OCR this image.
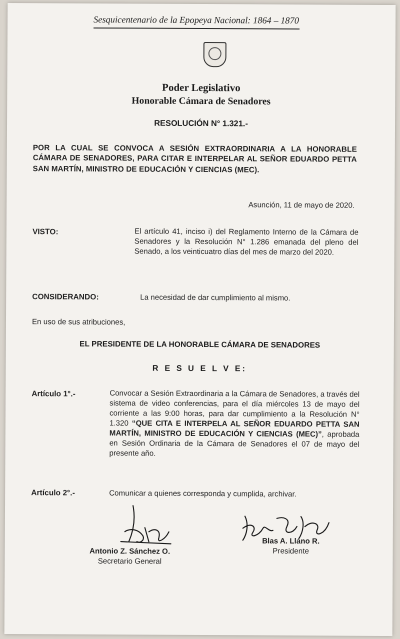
Sesquicentenario de la Epopeya Nacional: 1864 – 1870
Poder Legislativo
Honorable Cámara de Senadores
RESOLUCIÓN N° 1.321.-
POR LA CUAL SE CONVOCA A SESIÓN EXTRAORDINARIA A LA HONORABLE CÁMARA DE SENADORES, PARA CITAR E INTERPELAR AL SEÑOR EDUARDO PETTA SAN MARTÍN, MINISTRO DE EDUCACIÓN Y CIENCIAS (MEC).
Asunción, 11 de mayo de 2020.
VISTO:	El artículo 41, inciso i) del Reglamento Interno de la Cámara de Senadores y la Resolución N° 1.286 emanada del pleno del Senado, a los veinticuatro días del mes de marzo del 2020.
CONSIDERANDO:	La necesidad de dar cumplimiento al mismo.
En uso de sus atribuciones,
EL PRESIDENTE DE LA HONORABLE CÁMARA DE SENADORES
R E S U E L V E:
Artículo 1°.-	Convocar a Sesión Extraordinaria a la Cámara de Senadores, a través del sistema de video conferencias, para el día miércoles 13 de mayo del corriente a las 9:00 horas, para dar cumplimiento a la Resolución N° 1.320 “QUE CITA E INTERPELA AL SEÑOR EDUARDO PETTA SAN MARTÍN, MINISTRO DE EDUCACIÓN Y CIENCIAS (MEC)”, aprobada en Sesión Ordinaria de la Cámara de Senadores el 07 de mayo del presente año.
Artículo 2°.-	Comunicar a quienes corresponda y cumplida, archivar.
Antonio Z. Sánchez O.
Secretario General
Blas A. Llano R.
Presidente
